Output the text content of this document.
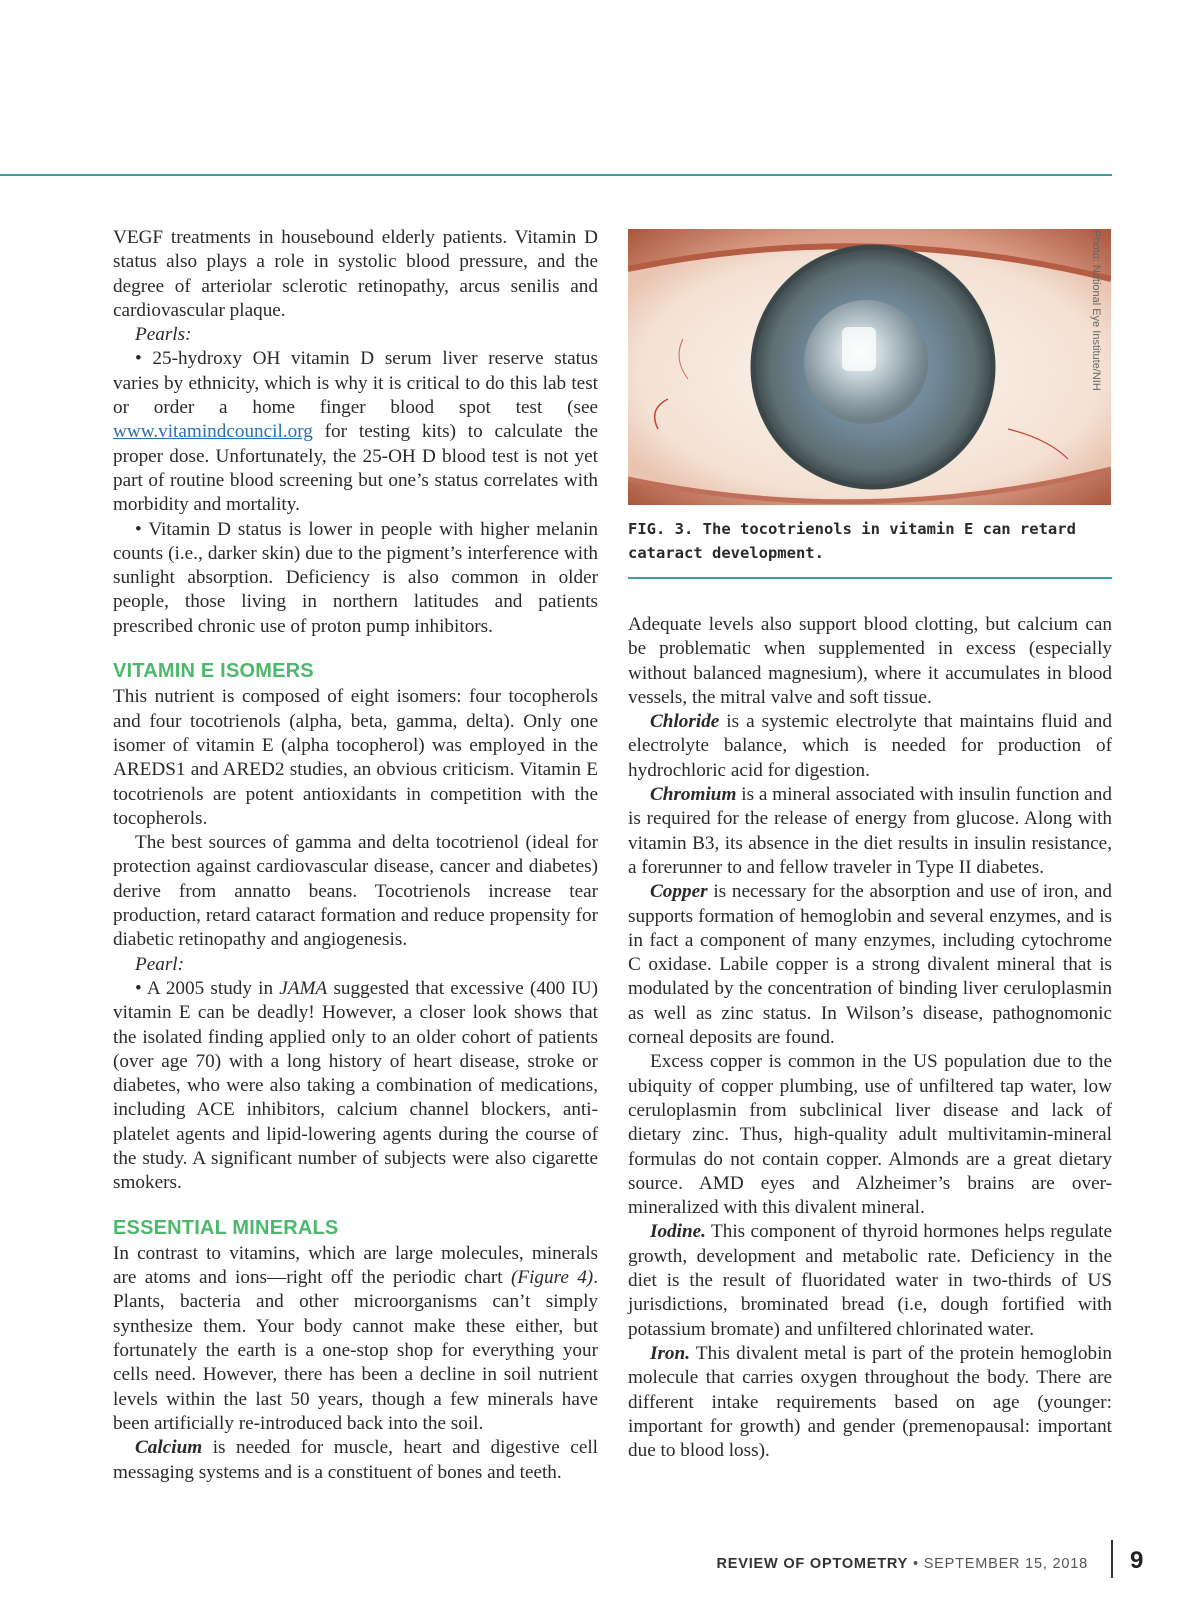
VEGF treatments in housebound elderly patients. Vitamin D status also plays a role in systolic blood pressure, and the degree of arteriolar sclerotic retinopathy, arcus senilis and cardiovascular plaque.

Pearls:

• 25-hydroxy OH vitamin D serum liver reserve status varies by ethnicity, which is why it is critical to do this lab test or order a home finger blood spot test (see www.vitamindcouncil.org for testing kits) to calculate the proper dose. Unfortunately, the 25-OH D blood test is not yet part of routine blood screening but one’s status correlates with morbidity and mortality.

• Vitamin D status is lower in people with higher melanin counts (i.e., darker skin) due to the pigment’s interference with sunlight absorption. Deficiency is also common in older people, those living in northern latitudes and patients prescribed chronic use of proton pump inhibitors.

VITAMIN E ISOMERS

This nutrient is composed of eight isomers: four tocopherols and four tocotrienols (alpha, beta, gamma, delta). Only one isomer of vitamin E (alpha tocopherol) was employed in the AREDS1 and ARED2 studies, an obvious criticism. Vitamin E tocotrienols are potent antioxidants in competition with the tocopherols.

The best sources of gamma and delta tocotrienol (ideal for protection against cardiovascular disease, cancer and diabetes) derive from annatto beans. Tocotrienols increase tear production, retard cataract formation and reduce propensity for diabetic retinopathy and angiogenesis.

Pearl:

• A 2005 study in JAMA suggested that excessive (400 IU) vitamin E can be deadly! However, a closer look shows that the isolated finding applied only to an older cohort of patients (over age 70) with a long history of heart disease, stroke or diabetes, who were also taking a combination of medications, including ACE inhibitors, calcium channel blockers, anti-platelet agents and lipid-lowering agents during the course of the study. A significant number of subjects were also cigarette smokers.

ESSENTIAL MINERALS

In contrast to vitamins, which are large molecules, minerals are atoms and ions—right off the periodic chart (Figure 4). Plants, bacteria and other microorganisms can’t simply synthesize them. Your body cannot make these either, but fortunately the earth is a one-stop shop for everything your cells need. However, there has been a decline in soil nutrient levels within the last 50 years, though a few minerals have been artificially re-introduced back into the soil.

Calcium is needed for muscle, heart and digestive cell messaging systems and is a constituent of bones and teeth.

Photo: National Eye Institute/NIH
FIG. 3. The tocotrienols in vitamin E can retard cataract development.

Adequate levels also support blood clotting, but calcium can be problematic when supplemented in excess (especially without balanced magnesium), where it accumulates in blood vessels, the mitral valve and soft tissue.

Chloride is a systemic electrolyte that maintains fluid and electrolyte balance, which is needed for production of hydrochloric acid for digestion.

Chromium is a mineral associated with insulin function and is required for the release of energy from glucose. Along with vitamin B3, its absence in the diet results in insulin resistance, a forerunner to and fellow traveler in Type II diabetes.

Copper is necessary for the absorption and use of iron, and supports formation of hemoglobin and several enzymes, and is in fact a component of many enzymes, including cytochrome C oxidase. Labile copper is a strong divalent mineral that is modulated by the concentration of binding liver ceruloplasmin as well as zinc status. In Wilson’s disease, pathognomonic corneal deposits are found.

Excess copper is common in the US population due to the ubiquity of copper plumbing, use of unfiltered tap water, low ceruloplasmin from subclinical liver disease and lack of dietary zinc. Thus, high-quality adult multivitamin-mineral formulas do not contain copper. Almonds are a great dietary source. AMD eyes and Alzheimer’s brains are over-mineralized with this divalent mineral.

Iodine. This component of thyroid hormones helps regulate growth, development and metabolic rate. Deficiency in the diet is the result of fluoridated water in two-thirds of US jurisdictions, brominated bread (i.e, dough fortified with potassium bromate) and unfiltered chlorinated water.

Iron. This divalent metal is part of the protein hemoglobin molecule that carries oxygen throughout the body. There are different intake requirements based on age (younger: important for growth) and gender (premenopausal: important due to blood loss).

REVIEW OF OPTOMETRY • SEPTEMBER 15, 2018 9
